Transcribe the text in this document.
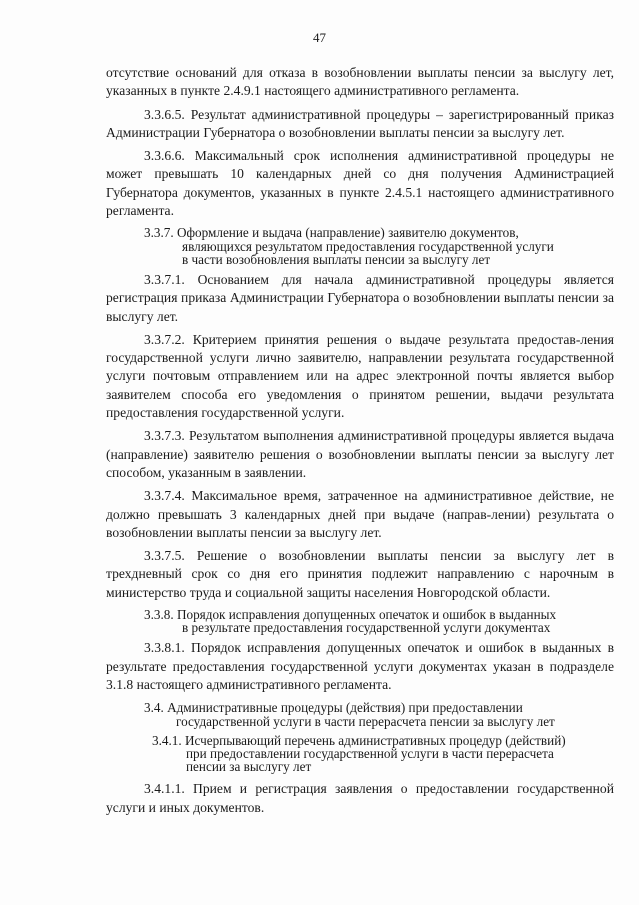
47

отсутствие оснований для отказа в возобновлении выплаты пенсии за выслугу лет, указанных в пункте 2.4.9.1 настоящего административного регламента.

3.3.6.5. Результат административной процедуры – зарегистрированный приказ Администрации Губернатора о возобновлении выплаты пенсии за выслугу лет.

3.3.6.6. Максимальный срок исполнения административной процедуры не может превышать 10 календарных дней со дня получения Администрацией Губернатора документов, указанных в пункте 2.4.5.1 настоящего административного регламента.

3.3.7. Оформление и выдача (направление) заявителю документов,
являющихся результатом предоставления государственной услуги
в части возобновления выплаты пенсии за выслугу лет

3.3.7.1. Основанием для начала административной процедуры является регистрация приказа Администрации Губернатора о возобновлении выплаты пенсии за выслугу лет.

3.3.7.2. Критерием принятия решения о выдаче результата предостав-ления государственной услуги лично заявителю, направлении результата государственной услуги почтовым отправлением или на адрес электронной почты является выбор заявителем способа его уведомления о принятом решении, выдачи результата предоставления государственной услуги.

3.3.7.3. Результатом выполнения административной процедуры является выдача (направление) заявителю решения о возобновлении выплаты пенсии за выслугу лет способом, указанным в заявлении.

3.3.7.4. Максимальное время, затраченное на административное действие, не должно превышать 3 календарных дней при выдаче (направ-лении) результата о возобновлении выплаты пенсии за выслугу лет.

3.3.7.5. Решение о возобновлении выплаты пенсии за выслугу лет в трехдневный срок со дня его принятия подлежит направлению с нарочным в министерство труда и социальной защиты населения Новгородской области.

3.3.8. Порядок исправления допущенных опечаток и ошибок в выданных
в результате предоставления государственной услуги документах

3.3.8.1. Порядок исправления допущенных опечаток и ошибок в выданных в результате предоставления государственной услуги документах указан в подразделе 3.1.8 настоящего административного регламента.

3.4. Административные процедуры (действия) при предоставлении
государственной услуги в части перерасчета пенсии за выслугу лет
3.4.1. Исчерпывающий перечень административных процедур (действий)
при предоставлении государственной услуги в части перерасчета
пенсии за выслугу лет

3.4.1.1. Прием и регистрация заявления о предоставлении государственной услуги и иных документов.
